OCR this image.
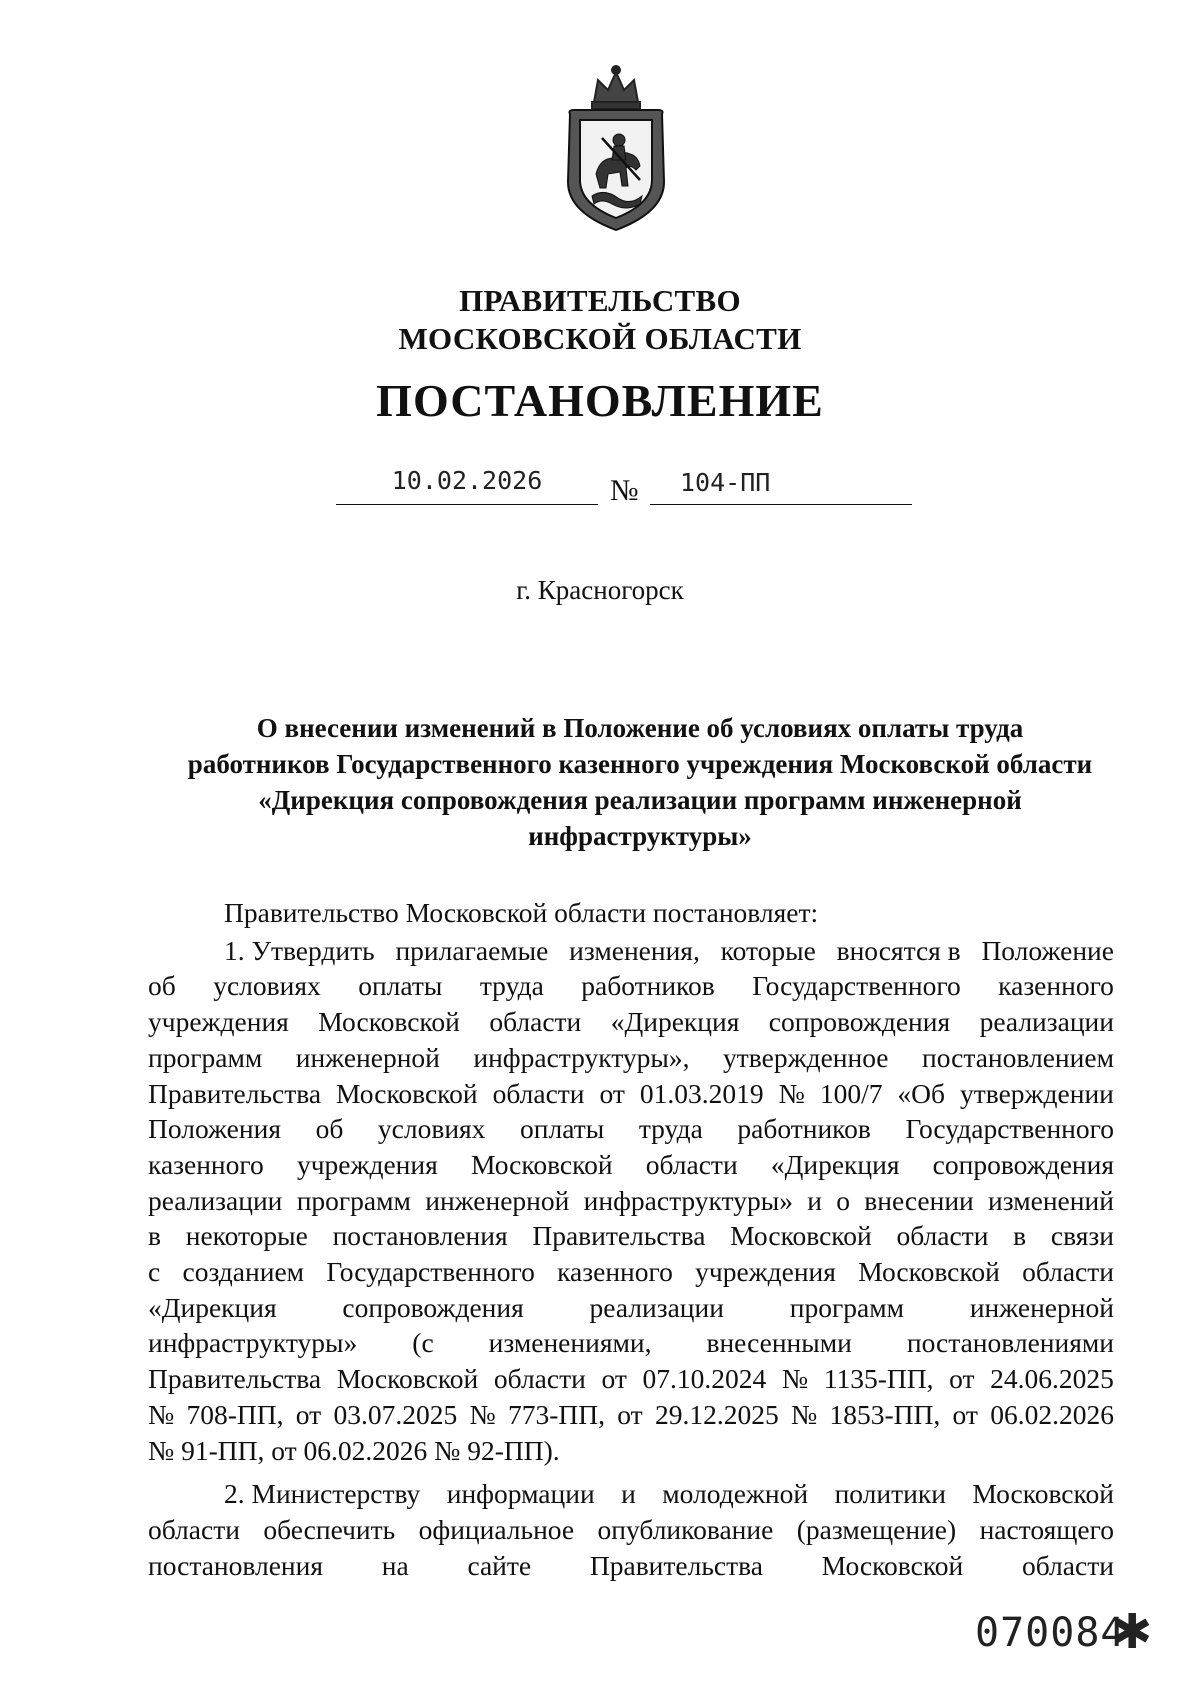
ПРАВИТЕЛЬСТВО
МОСКОВСКОЙ ОБЛАСТИ
ПОСТАНОВЛЕНИЕ
10.02.2026	№ 104-ПП
г. Красногорск
О внесении изменений в Положение об условиях оплаты труда
работников Государственного казенного учреждения Московской области
«Дирекция сопровождения реализации программ инженерной
инфраструктуры»
Правительство Московской области постановляет:
1. Утвердить прилагаемые изменения, которые вносятся в Положение
об условиях оплаты труда работников Государственного казенного
учреждения Московской области «Дирекция сопровождения реализации
программ инженерной инфраструктуры», утвержденное постановлением
Правительства Московской области от 01.03.2019 № 100/7 «Об утверждении
Положения об условиях оплаты труда работников Государственного
казенного учреждения Московской области «Дирекция сопровождения
реализации программ инженерной инфраструктуры» и о внесении изменений
в некоторые постановления Правительства Московской области в связи
с созданием Государственного казенного учреждения Московской области
«Дирекция сопровождения реализации программ инженерной
инфраструктуры» (с изменениями, внесенными постановлениями
Правительства Московской области от 07.10.2024 № 1135-ПП, от 24.06.2025
№ 708-ПП, от 03.07.2025 № 773-ПП, от 29.12.2025 № 1853-ПП, от 06.02.2026
№ 91-ПП, от 06.02.2026 № 92-ПП).
2. Министерству информации и молодежной политики Московской
области обеспечить официальное опубликование (размещение) настоящего
постановления на сайте Правительства Московской области
070084
✱
